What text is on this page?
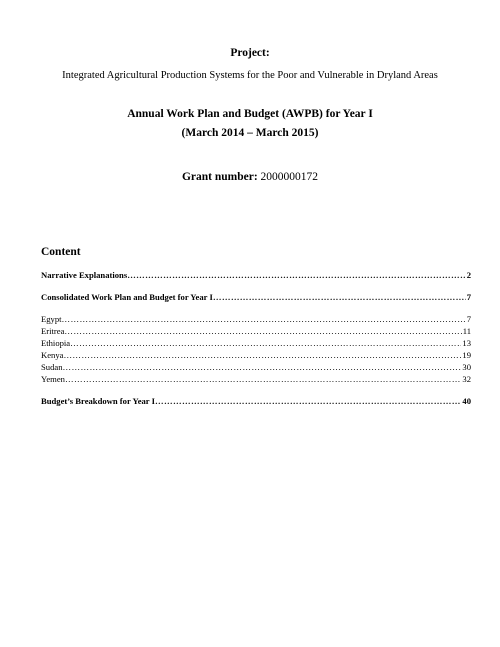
Project:
Integrated Agricultural Production Systems for the Poor and Vulnerable in Dryland Areas
Annual Work Plan and Budget (AWPB) for Year I
(March 2014 – March 2015)
Grant number: 2000000172
Content
Narrative Explanations ……………………………………………………………………………………………………………………………………………………………………………………………	2
Consolidated Work Plan and Budget for Year I ……………………………………………………………………………………………………………………………………………………………………………………………	7
Egypt ……………………………………………………………………………………………………………………………………………………………………………………………	7
Eritrea ……………………………………………………………………………………………………………………………………………………………………………………………	11
Ethiopia ……………………………………………………………………………………………………………………………………………………………………………………………	13
Kenya ……………………………………………………………………………………………………………………………………………………………………………………………	19
Sudan ……………………………………………………………………………………………………………………………………………………………………………………………	30
Yemen ……………………………………………………………………………………………………………………………………………………………………………………………	32
Budget’s Breakdown for Year I ……………………………………………………………………………………………………………………………………………………………………………………………	40
